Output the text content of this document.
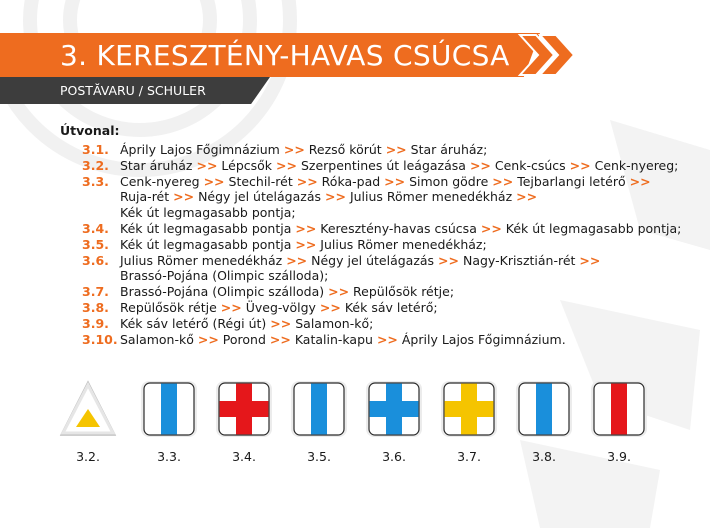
3. KERESZTÉNY-HAVAS CSÚCSA
POSTĂVARU / SCHULER
Útvonal:
3.1. Áprily Lajos Főgimnázium >> Rezső körút >> Star áruház;
3.2. Star áruház >> Lépcsők >> Szerpentines út leágazása >> Cenk-csúcs >> Cenk-nyereg;
3.3. Cenk-nyereg >> Stechil-rét >> Róka-pad >> Simon gödre >> Tejbarlangi letérő >>
Ruja-rét >> Négy jel útelágazás >> Julius Römer menedékház >>
Kék út legmagasabb pontja;
3.4. Kék út legmagasabb pontja >> Keresztény-havas csúcsa >> Kék út legmagasabb pontja;
3.5. Kék út legmagasabb pontja >> Julius Römer menedékház;
3.6. Julius Römer menedékház >> Négy jel útelágazás >> Nagy-Krisztián-rét >>
Brassó-Pojána (Olimpic szálloda);
3.7. Brassó-Pojána (Olimpic szálloda) >> Repülősök rétje;
3.8. Repülősök rétje >> Üveg-völgy >> Kék sáv letérő;
3.9. Kék sáv letérő (Régi út) >> Salamon-kő;
3.10. Salamon-kő >> Porond >> Katalin-kapu >> Áprily Lajos Főgimnázium.
3.2.	3.3.	3.4.	3.5.	3.6.	3.7.	3.8.	3.9.
